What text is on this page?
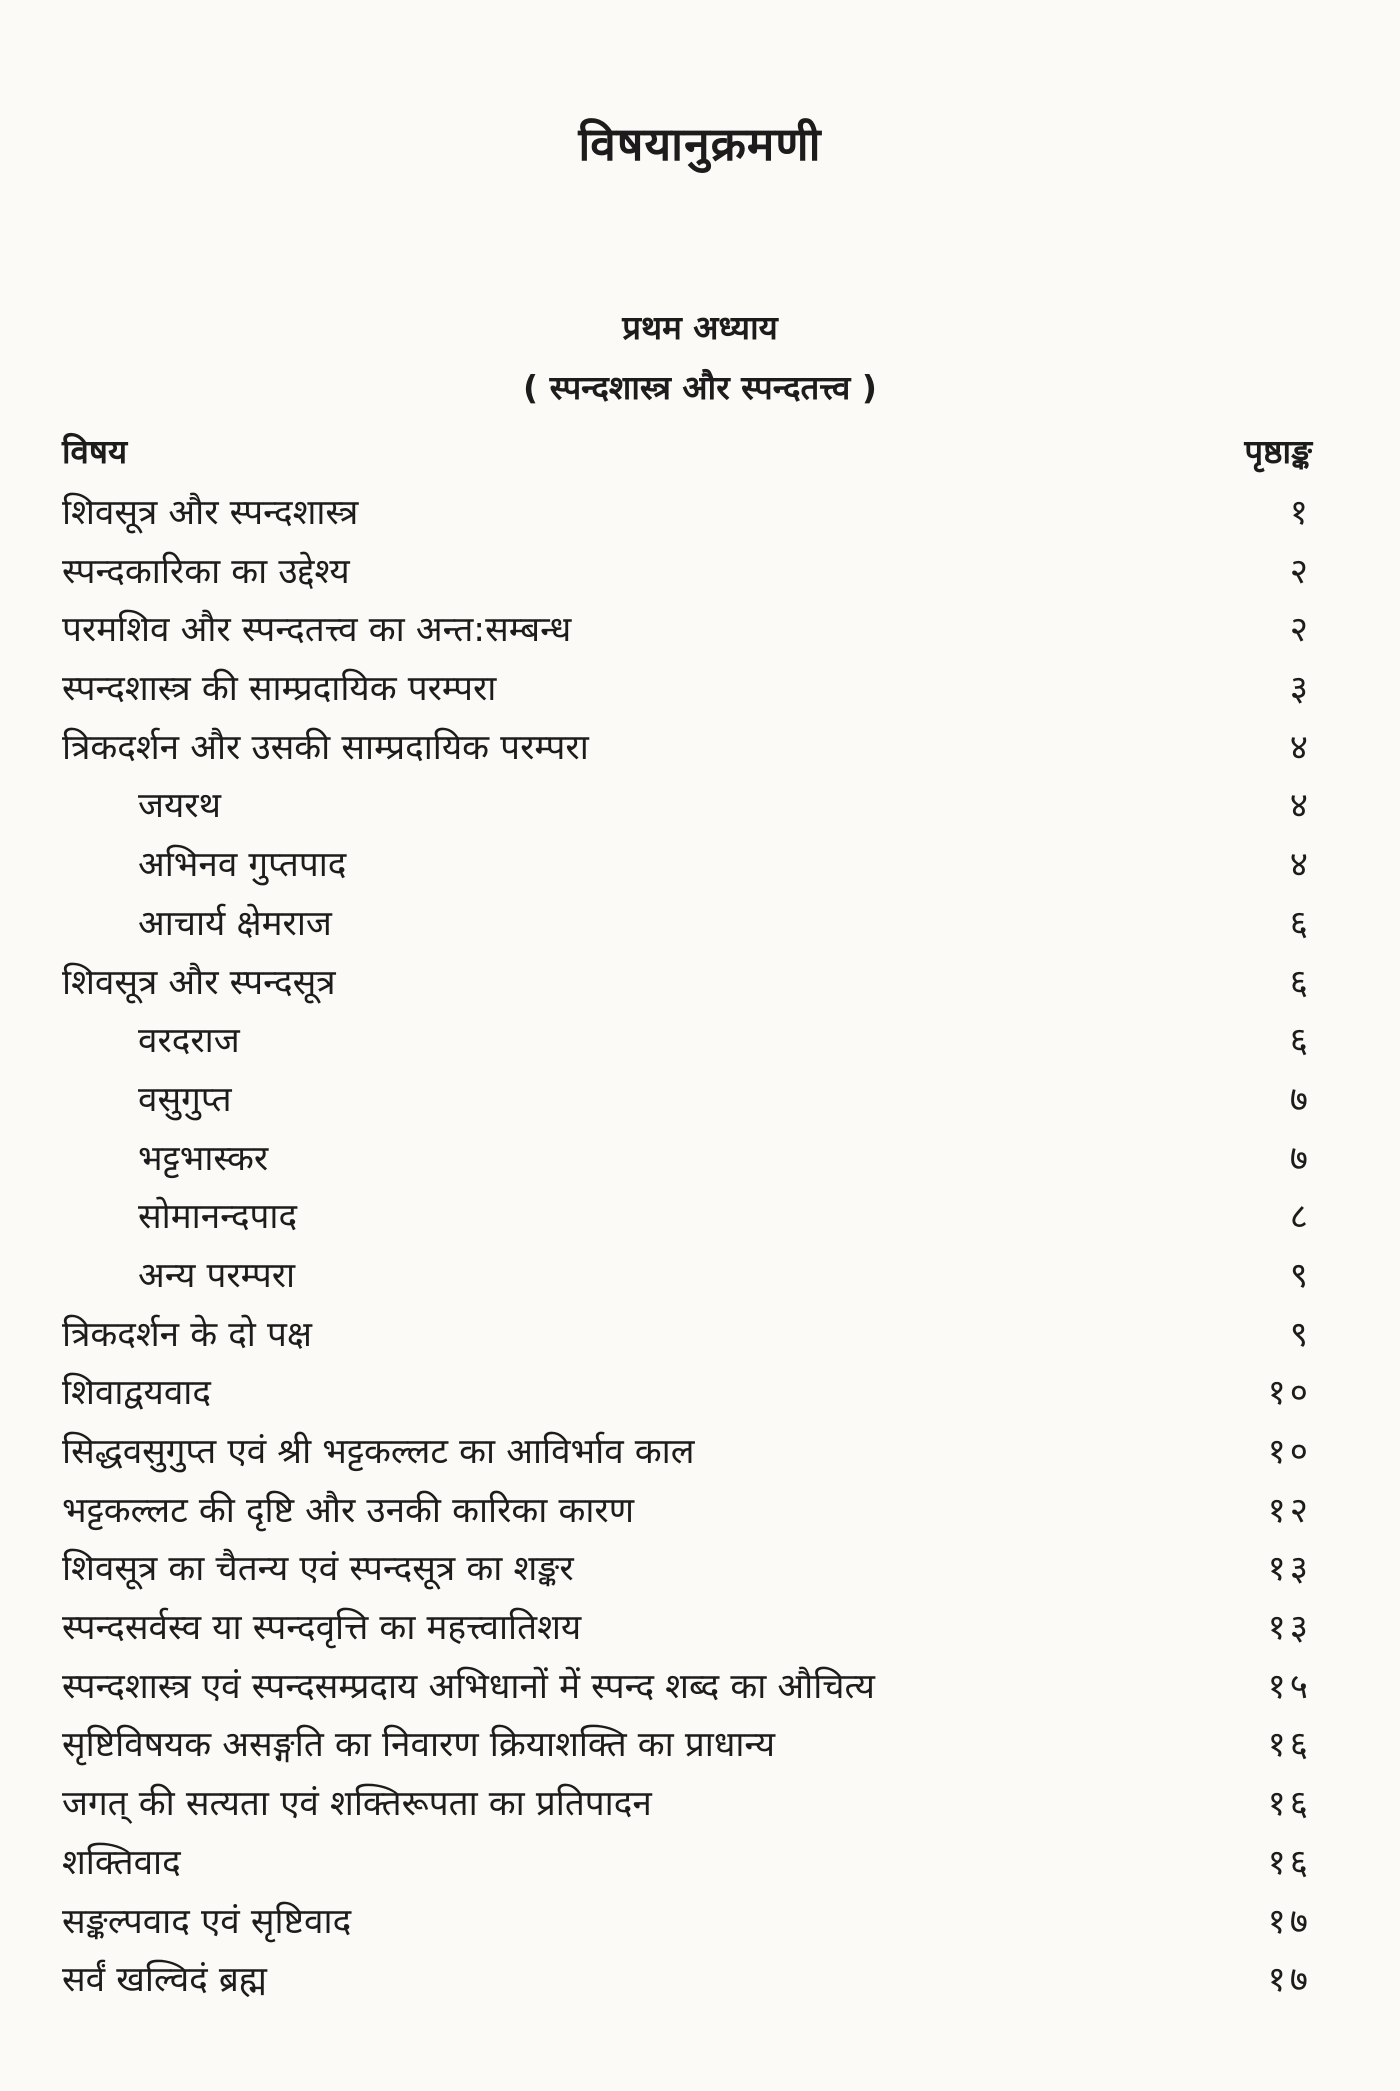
विषयानुक्रमणी
प्रथम अध्याय
( स्पन्दशास्त्र और स्पन्दतत्त्व )
विषय	पृष्ठाङ्क
शिवसूत्र और स्पन्दशास्त्र	१
स्पन्दकारिका का उद्देश्य	२
परमशिव और स्पन्दतत्त्व का अन्त:सम्बन्ध	२
स्पन्दशास्त्र की साम्प्रदायिक परम्परा	३
त्रिकदर्शन और उसकी साम्प्रदायिक परम्परा	४
जयरथ	४
अभिनव गुप्तपाद	४
आचार्य क्षेमराज	६
शिवसूत्र और स्पन्दसूत्र	६
वरदराज	६
वसुगुप्त	७
भट्टभास्कर	७
सोमानन्दपाद	८
अन्य परम्परा	९
त्रिकदर्शन के दो पक्ष	९
शिवाद्वयवाद	१०
सिद्धवसुगुप्त एवं श्री भट्टकल्लट का आविर्भाव काल	१०
भट्टकल्लट की दृष्टि और उनकी कारिका कारण	१२
शिवसूत्र का चैतन्य एवं स्पन्दसूत्र का शङ्कर	१३
स्पन्दसर्वस्व या स्पन्दवृत्ति का महत्त्वातिशय	१३
स्पन्दशास्त्र एवं स्पन्दसम्प्रदाय अभिधानों में स्पन्द शब्द का औचित्य	१५
सृष्टिविषयक असङ्गति का निवारण क्रियाशक्ति का प्राधान्य	१६
जगत् की सत्यता एवं शक्तिरूपता का प्रतिपादन	१६
शक्तिवाद	१६
सङ्कल्पवाद एवं सृष्टिवाद	१७
सर्वं खल्विदं ब्रह्म	१७
